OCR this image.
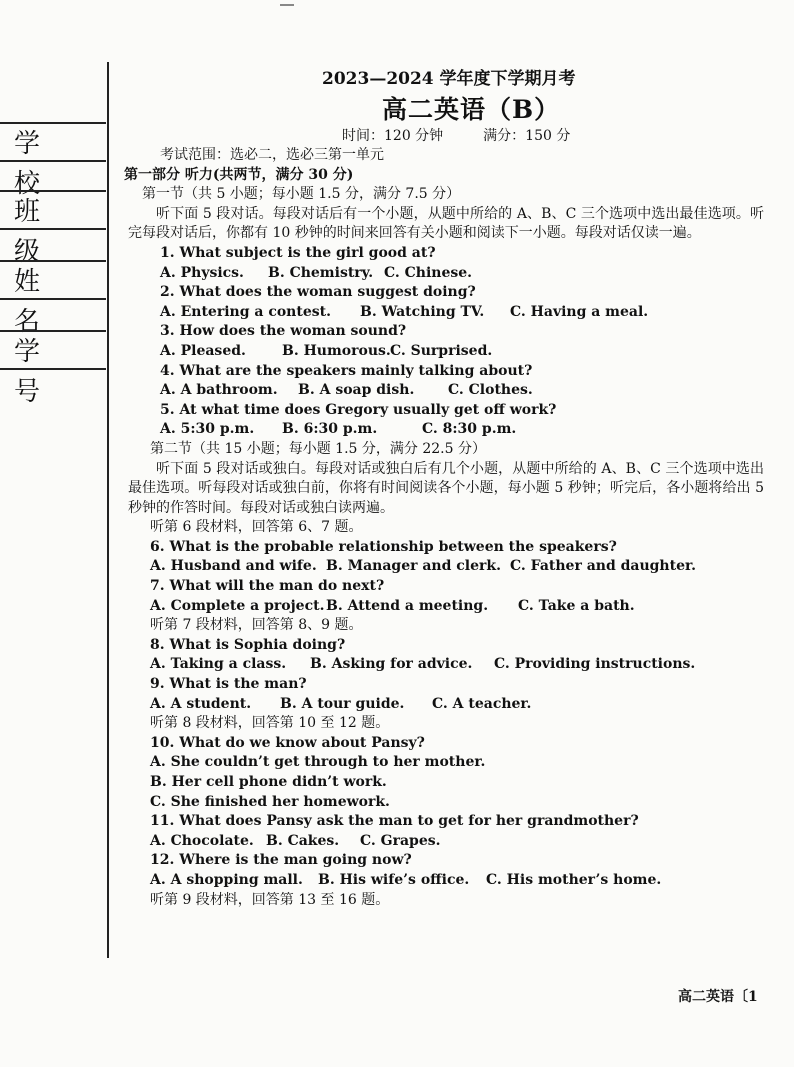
学 校
班 级
姓 名
学 号
2023—2024 学年度下学期月考
高二英语（B）
时间：120 分钟	满分：150 分

考试范围：选必二，选必三第一单元

第一部分 听力(共两节，满分 30 分)

第一节（共 5 小题；每小题 1.5 分，满分 7.5 分）

听下面 5 段对话。每段对话后有一个小题，从题中所给的 A、B、C 三个选项中选出最佳选项。听完每段对话后，你都有 10 秒钟的时间来回答有关小题和阅读下一小题。每段对话仅读一遍。

1. What subject is the girl good at?

A. Physics. B. Chemistry. C. Chinese.

2. What does the woman suggest doing?

A. Entering a contest. B. Watching TV. C. Having a meal.

3. How does the woman sound?

A. Pleased.	B. Humorous.C. Surprised.

4. What are the speakers mainly talking about?

A. A bathroom. B. A soap dish. C. Clothes.

5. At what time does Gregory usually get off work?

A. 5:30 p.m. B. 6:30 p.m.	C. 8:30 p.m.

第二节（共 15 小题；每小题 1.5 分，满分 22.5 分）

听下面 5 段对话或独白。每段对话或独白后有几个小题，从题中所给的 A、B、C 三个选项中选出最佳选项。听每段对话或独白前，你将有时间阅读各个小题，每小题 5 秒钟；听完后，各小题将给出 5 秒钟的作答时间。每段对话或独白读两遍。

听第 6 段材料，回答第 6、7 题。

6. What is the probable relationship between the speakers?

A. Husband and wife. B. Manager and clerk. C. Father and daughter.

7. What will the man do next?

A. Complete a project. B. Attend a meeting. C. Take a bath.

听第 7 段材料，回答第 8、9 题。

8. What is Sophia doing?

A. Taking a class. B. Asking for advice. C. Providing instructions.

9. What is the man?

A. A student. B. A tour guide. C. A teacher.

听第 8 段材料，回答第 10 至 12 题。

10. What do we know about Pansy?

A. She couldn’t get through to her mother.

B. Her cell phone didn’t work.

C. She finished her homework.

11. What does Pansy ask the man to get for her grandmother?

A. Chocolate. B. Cakes. C. Grapes.

12. Where is the man going now?

A. A shopping mall. B. His wife’s office. C. His mother’s home.

听第 9 段材料，回答第 13 至 16 题。

高二英语〔1
